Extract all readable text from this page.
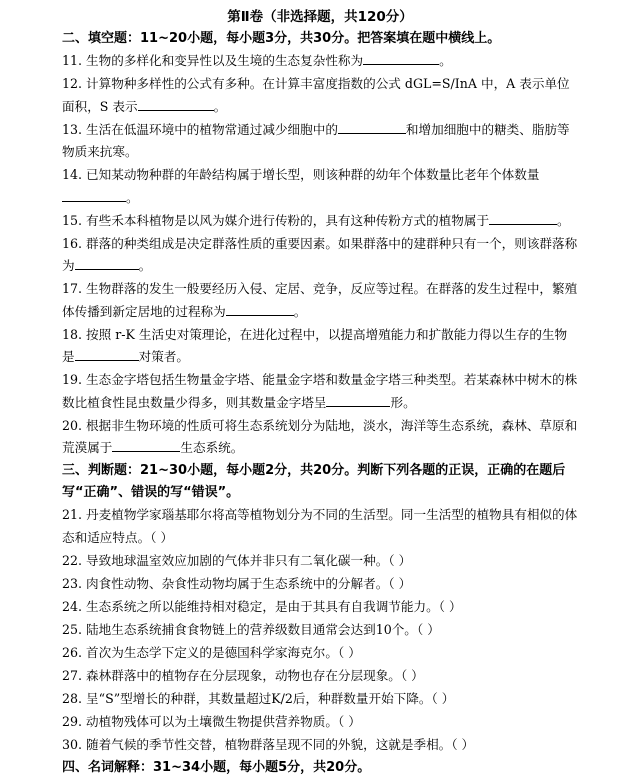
第Ⅱ卷（非选择题，共120分）
二、填空题：11~20小题，每小题3分，共30分。把答案填在题中横线上。
11. 生物的多样化和变异性以及生境的生态复杂性称为	。
12. 计算物种多样性的公式有多种。在计算丰富度指数的公式 dGL=S/InA 中，A 表示单位面积，S 表示	。
13. 生活在低温环境中的植物常通过减少细胞中的	和增加细胞中的糖类、脂肪等物质来抗寒。
14. 已知某动物种群的年龄结构属于增长型，则该种群的幼年个体数量比老年个体数量。
15. 有些禾本科植物是以风为媒介进行传粉的，具有这种传粉方式的植物属于	。
16. 群落的种类组成是决定群落性质的重要因素。如果群落中的建群种只有一个，则该群落称为	。
17. 生物群落的发生一般要经历入侵、定居、竞争，反应等过程。在群落的发生过程中，繁殖体传播到新定居地的过程称为	。
18. 按照 r-K 生活史对策理论，在进化过程中，以提高增殖能力和扩散能力得以生存的生物是	对策者。
19. 生态金字塔包括生物量金字塔、能量金字塔和数量金字塔三种类型。若某森林中树木的株数比植食性昆虫数量少得多，则其数量金字塔呈	形。
20. 根据非生物环境的性质可将生态系统划分为陆地，淡水，海洋等生态系统，森林、草原和荒漠属于	生态系统。
三、判断题：21~30小题，每小题2分，共20分。判断下列各题的正误，正确的在题后写“正确”、错误的写“错误”。
21. 丹麦植物学家瑙基耶尔将高等植物划分为不同的生活型。同一生活型的植物具有相似的体态和适应特点。（ ）
22. 导致地球温室效应加剧的气体并非只有二氧化碳一种。（ ）
23. 肉食性动物、杂食性动物均属于生态系统中的分解者。（ ）
24. 生态系统之所以能维持相对稳定，是由于其具有自我调节能力。（ ）
25. 陆地生态系统捕食食物链上的营养级数目通常会达到10个。（ ）
26. 首次为生态学下定义的是德国科学家海克尔。（ ）
27. 森林群落中的植物存在分层现象，动物也存在分层现象。（ ）
28. 呈“S”型增长的种群，其数量超过K/2后，种群数量开始下降。（ ）
29. 动植物残体可以为土壤微生物提供营养物质。（ ）
30. 随着气候的季节性交替，植物群落呈现不同的外貌，这就是季相。（ ）
四、名词解释：31~34小题，每小题5分，共20分。
